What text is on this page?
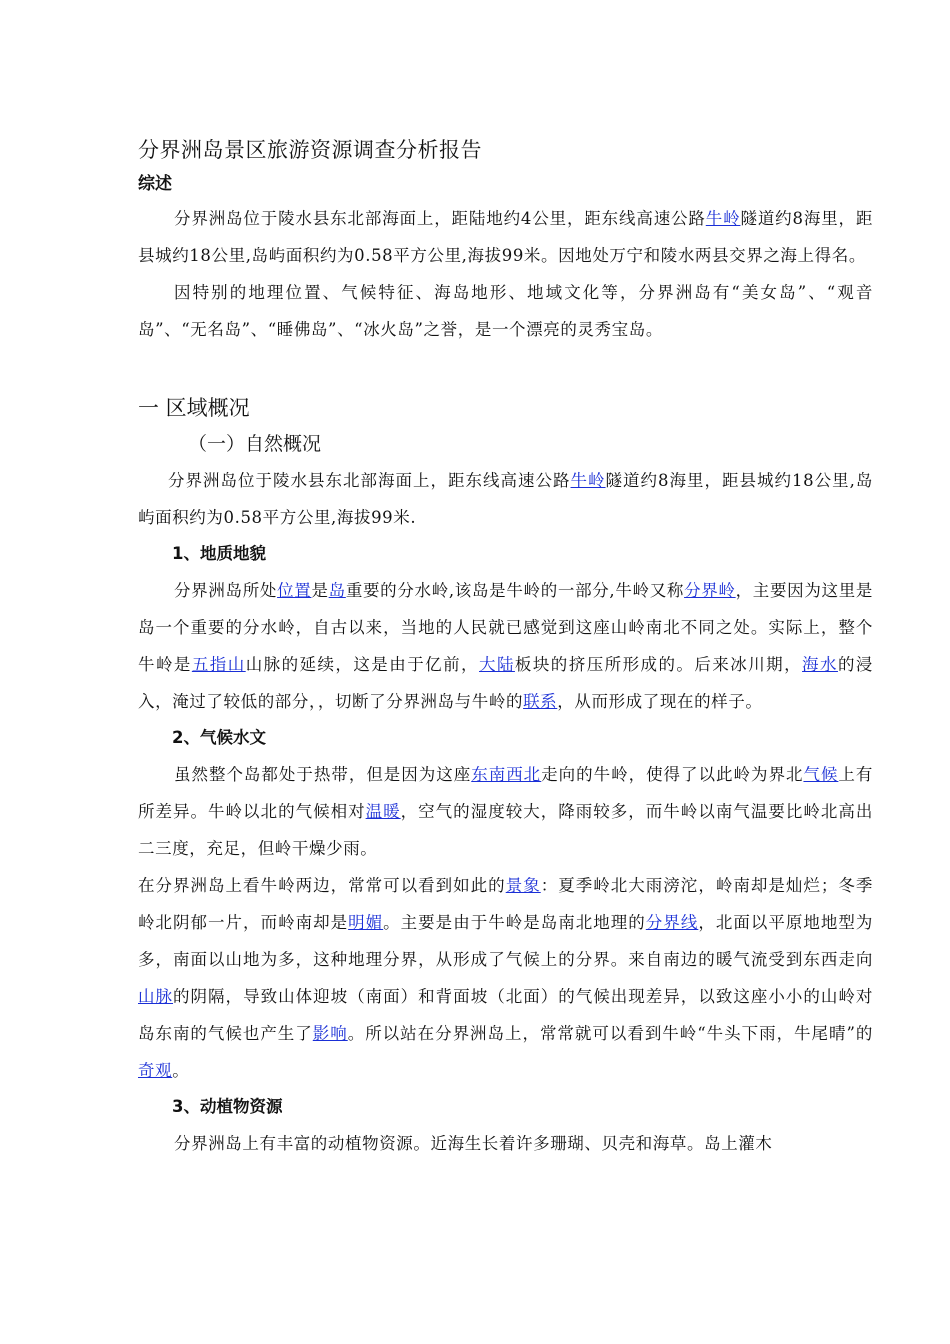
分界洲岛景区旅游资源调查分析报告

综述

分界洲岛位于陵水县东北部海面上，距陆地约4公里，距东线高速公路牛岭隧道约8海里，距县城约18公里,岛屿面积约为0.58平方公里,海拔99米。因地处万宁和陵水两县交界之海上得名。

因特别的地理位置、气候特征、海岛地形、地域文化等，分界洲岛有“美女岛”、“观音岛”、“无名岛”、“睡佛岛”、“冰火岛”之誉，是一个漂亮的灵秀宝岛。

一 区域概况
（一）自然概况

分界洲岛位于陵水县东北部海面上，距东线高速公路牛岭隧道约8海里，距县城约18公里,岛屿面积约为0.58平方公里,海拔99米.

1、地质地貌

分界洲岛所处位置是岛重要的分水岭,该岛是牛岭的一部分,牛岭又称分界岭，主要因为这里是岛一个重要的分水岭，自古以来，当地的人民就已感觉到这座山岭南北不同之处。实际上，整个牛岭是五指山山脉的延续，这是由于亿前，大陆板块的挤压所形成的。后来冰川期，海水的浸入，淹过了较低的部分，，切断了分界洲岛与牛岭的联系，从而形成了现在的样子。

2、气候水文

虽然整个岛都处于热带，但是因为这座东南西北走向的牛岭，使得了以此岭为界北气候上有所差异。牛岭以北的气候相对温暖，空气的湿度较大，降雨较多，而牛岭以南气温要比岭北高出二三度，充足，但岭干燥少雨。

在分界洲岛上看牛岭两边，常常可以看到如此的景象：夏季岭北大雨滂沱，岭南却是灿烂；冬季岭北阴郁一片，而岭南却是明媚。主要是由于牛岭是岛南北地理的分界线，北面以平原地地型为多，南面以山地为多，这种地理分界，从形成了气候上的分界。来自南边的暖气流受到东西走向山脉的阴隔，导致山体迎坡（南面）和背面坡（北面）的气候出现差异，以致这座小小的山岭对岛东南的气候也产生了影响。所以站在分界洲岛上，常常就可以看到牛岭“牛头下雨，牛尾晴”的奇观。

3、动植物资源

分界洲岛上有丰富的动植物资源。近海生长着许多珊瑚、贝壳和海草。岛上灌木
